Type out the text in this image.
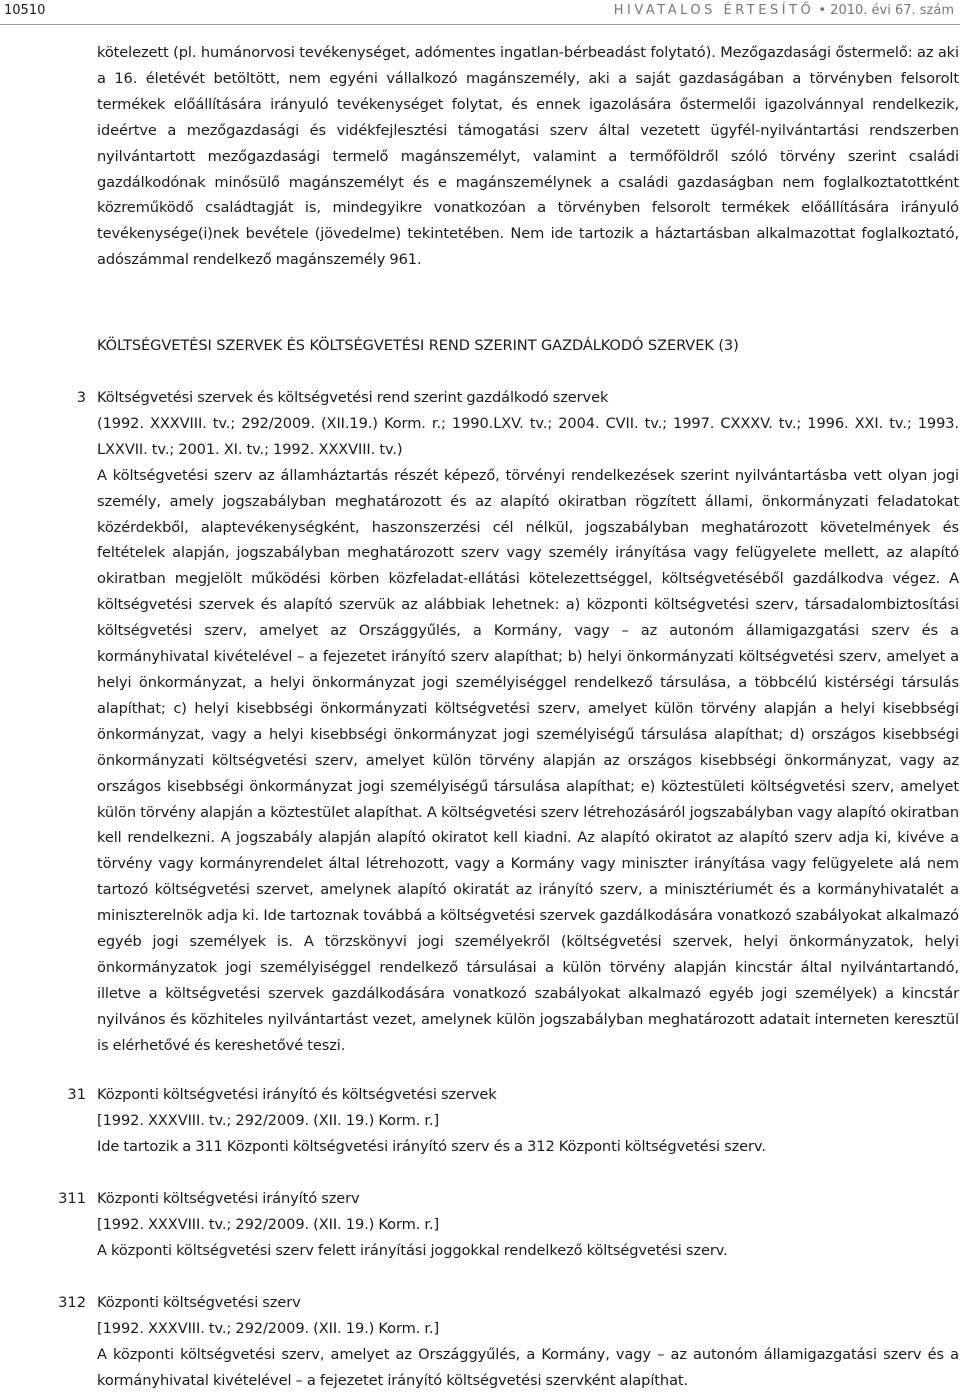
10510	HIVATALOS ÉRTESÍTŐ • 2010. évi 67. szám

kötelezett (pl. humánorvosi tevékenységet, adómentes ingatlan-bérbeadást folytató). Mezőgazdasági őstermelő: az aki a 16. életévét betöltött, nem egyéni vállalkozó magánszemély, aki a saját gazdaságában a törvényben felsorolt termékek előállítására irányuló tevékenységet folytat, és ennek igazolására őstermelői igazolvánnyal rendelkezik, ideértve a mezőgazdasági és vidékfejlesztési támogatási szerv által vezetett ügyfél-nyilvántartási rendszerben nyilvántartott mezőgazdasági termelő magánszemélyt, valamint a termőföldről szóló törvény szerint családi gazdálkodónak minősülő magánszemélyt és e magánszemélynek a családi gazdaságban nem foglalkoztatottként közreműködő családtagját is, mindegyikre vonatkozóan a törvényben felsorolt termékek előállítására irányuló tevékenysége(i)nek bevétele (jövedelme) tekintetében. Nem ide tartozik a háztartásban alkalmazottat foglalkoztató, adószámmal rendelkező magánszemély 961.

KÖLTSÉGVETÉSI SZERVEK ÉS KÖLTSÉGVETÉSI REND SZERINT GAZDÁLKODÓ SZERVEK (3)
3 Költségvetési szervek és költségvetési rend szerint gazdálkodó szervek

(1992. XXXVIII. tv.; 292/2009. (XII.19.) Korm. r.; 1990.LXV. tv.; 2004. CVII. tv.; 1997. CXXXV. tv.; 1996. XXI. tv.; 1993. LXXVII. tv.; 2001. XI. tv.; 1992. XXXVIII. tv.)

A költségvetési szerv az államháztartás részét képező, törvényi rendelkezések szerint nyilvántartásba vett olyan jogi személy, amely jogszabályban meghatározott és az alapító okiratban rögzített állami, önkormányzati feladatokat közérdekből, alaptevékenységként, haszonszerzési cél nélkül, jogszabályban meghatározott követelmények és feltételek alapján, jogszabályban meghatározott szerv vagy személy irányítása vagy felügyelete mellett, az alapító okiratban megjelölt működési körben közfeladat-ellátási kötelezettséggel, költségvetéséből gazdálkodva végez. A költségvetési szervek és alapító szervük az alábbiak lehetnek: a) központi költségvetési szerv, társadalombiztosítási költségvetési szerv, amelyet az Országgyűlés, a Kormány, vagy – az autonóm államigazgatási szerv és a kormányhivatal kivételével – a fejezetet irányító szerv alapíthat; b) helyi önkormányzati költségvetési szerv, amelyet a helyi önkormányzat, a helyi önkormányzat jogi személyiséggel rendelkező társulása, a többcélú kistérségi társulás alapíthat; c) helyi kisebbségi önkormányzati költségvetési szerv, amelyet külön törvény alapján a helyi kisebbségi önkormányzat, vagy a helyi kisebbségi önkormányzat jogi személyiségű társulása alapíthat; d) országos kisebbségi önkormányzati költségvetési szerv, amelyet külön törvény alapján az országos kisebbségi önkormányzat, vagy az országos kisebbségi önkormányzat jogi személyiségű társulása alapíthat; e) köztestületi költségvetési szerv, amelyet külön törvény alapján a köztestület alapíthat. A költségvetési szerv létrehozásáról jogszabályban vagy alapító okiratban kell rendelkezni. A jogszabály alapján alapító okiratot kell kiadni. Az alapító okiratot az alapító szerv adja ki, kivéve a törvény vagy kormányrendelet által létrehozott, vagy a Kormány vagy miniszter irányítása vagy felügyelete alá nem tartozó költségvetési szervet, amelynek alapító okiratát az irányító szerv, a minisztériumét és a kormányhivatalét a miniszterelnök adja ki. Ide tartoznak továbbá a költségvetési szervek gazdálkodására vonatkozó szabályokat alkalmazó egyéb jogi személyek is. A törzskönyvi jogi személyekről (költségvetési szervek, helyi önkormányzatok, helyi önkormányzatok jogi személyiséggel rendelkező társulásai a külön törvény alapján kincstár által nyilvántartandó, illetve a költségvetési szervek gazdálkodására vonatkozó szabályokat alkalmazó egyéb jogi személyek) a kincstár nyilvános és közhiteles nyilvántartást vezet, amelynek külön jogszabályban meghatározott adatait interneten keresztül is elérhetővé és kereshetővé teszi.

31 Központi költségvetési irányító és költségvetési szervek

[1992. XXXVIII. tv.; 292/2009. (XII. 19.) Korm. r.]

Ide tartozik a 311 Központi költségvetési irányító szerv és a 312 Központi költségvetési szerv.

311 Központi költségvetési irányító szerv

[1992. XXXVIII. tv.; 292/2009. (XII. 19.) Korm. r.]

A központi költségvetési szerv felett irányítási joggokkal rendelkező költségvetési szerv.

312 Központi költségvetési szerv

[1992. XXXVIII. tv.; 292/2009. (XII. 19.) Korm. r.]

A központi költségvetési szerv, amelyet az Országgyűlés, a Kormány, vagy – az autonóm államigazgatási szerv és a kormányhivatal kivételével – a fejezetet irányító költségvetési szervként alapíthat.
